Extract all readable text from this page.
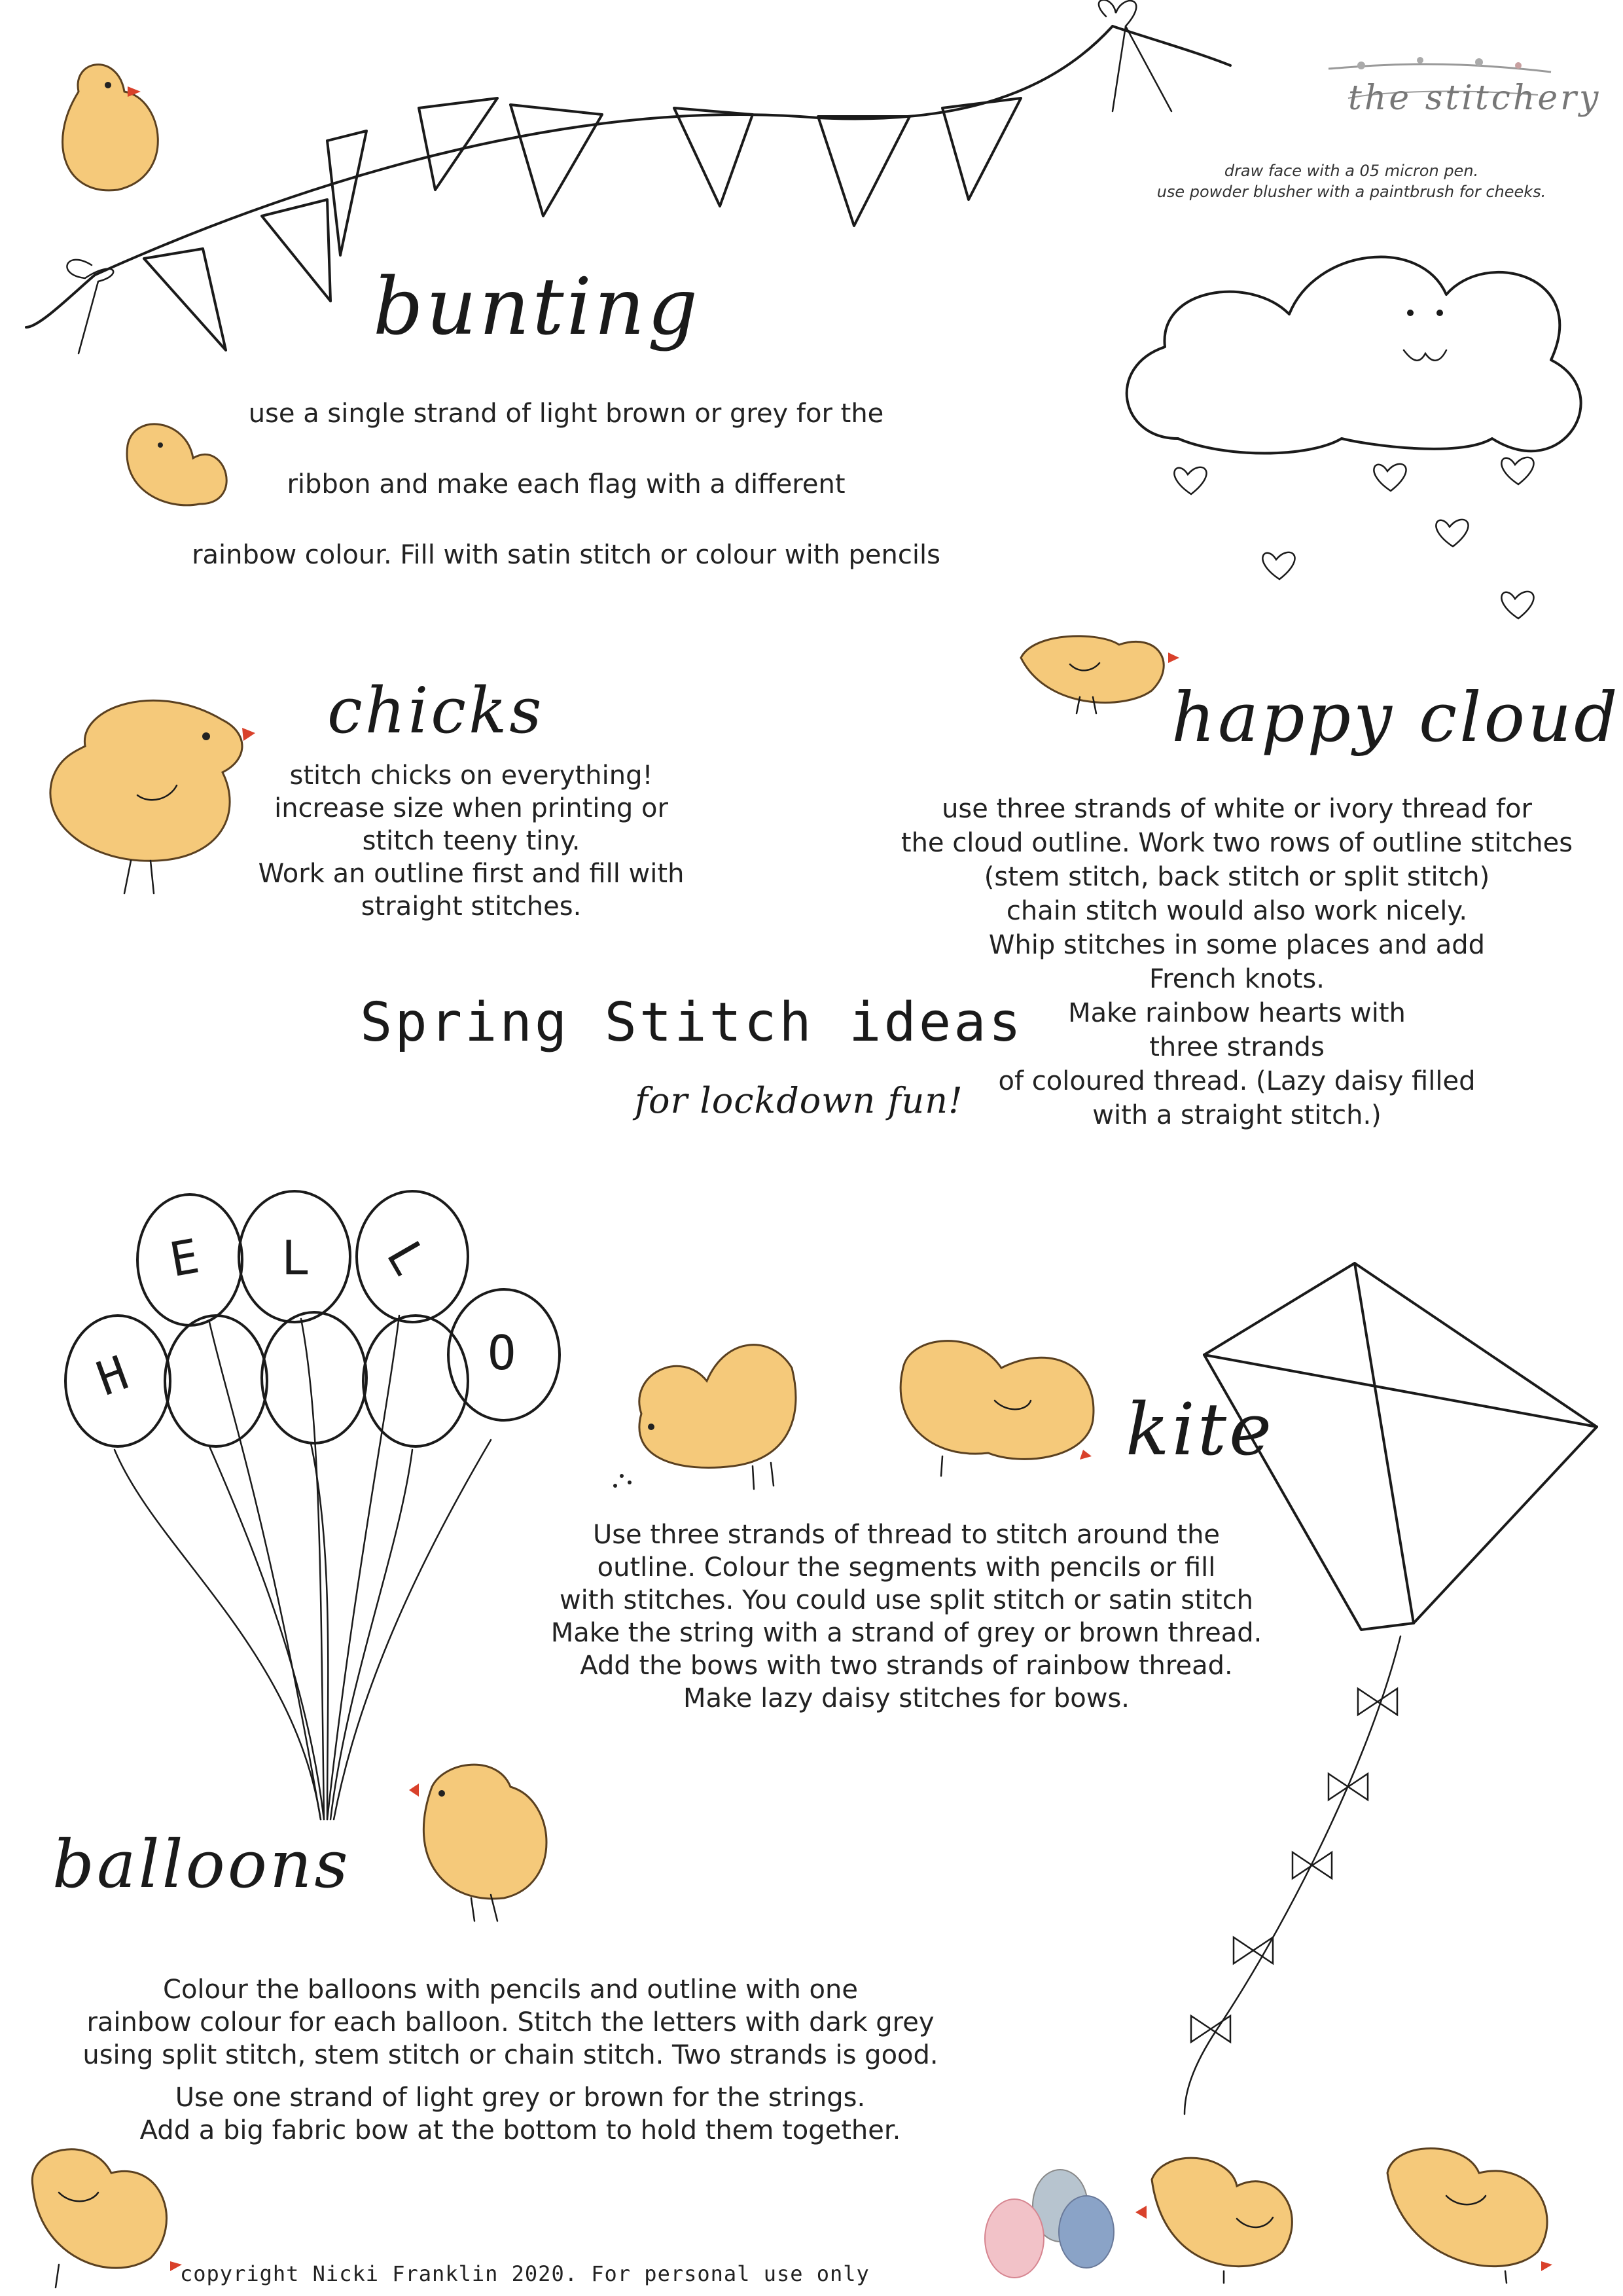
the stitchery
draw face with a 05 micron pen.
use powder blusher with a paintbrush for cheeks.
bunting
use a single strand of light brown or grey for the

ribbon and make each flag with a different

rainbow colour. Fill with satin stitch or colour with pencils
chicks
stitch chicks on everything!
increase size when printing or
stitch teeny tiny.
Work an outline first and fill with
straight stitches.
happy cloud
use three strands of white or ivory thread for
the cloud outline. Work two rows of outline stitches
(stem stitch, back stitch or split stitch)
chain stitch would also work nicely.
Whip stitches in some places and add
French knots.
Make rainbow hearts with
three strands
of coloured thread. (Lazy daisy filled
with a straight stitch.)
Spring Stitch ideas
for lockdown fun!
H
E L L
O
kite
Use three strands of thread to stitch around the
outline. Colour the segments with pencils or fill
with stitches. You could use split stitch or satin stitch
Make the string with a strand of grey or brown thread.
Add the bows with two strands of rainbow thread.
Make lazy daisy stitches for bows.
balloons
Colour the balloons with pencils and outline with one
rainbow colour for each balloon. Stitch the letters with dark grey
using split stitch, stem stitch or chain stitch. Two strands is good.
Use one strand of light grey or brown for the strings.
Add a big fabric bow at the bottom to hold them together.
copyright Nicki Franklin 2020. For personal use only
